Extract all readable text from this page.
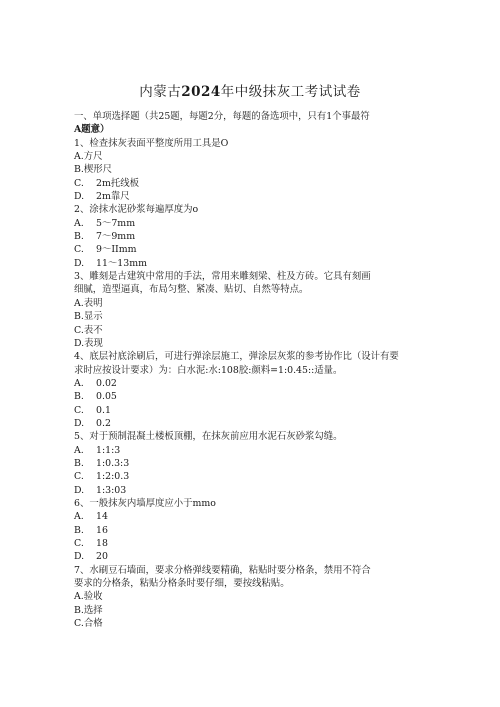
内蒙古2024年中级抹灰工考试试卷
一、单项选择题（共25题，每题2分，每题的备选项中，只有1个事最符
A题意）
1、检查抹灰表面平整度所用工具是O
A.方尺
B.楔形尺
C. 2m托线板
D. 2m靠尺
2、涂抹水泥砂浆每遍厚度为o
A. 5～7mm
B. 7～9mm
C. 9～IImm
D. 11～13mm
3、雕刻是古建筑中常用的手法，常用来雕刻梁、柱及方砖。它具有刻画
细腻，造型逼真，布局匀整、紧凑、贴切、自然等特点。
A.表明
B.显示
C.表不
D.表现
4、底层衬底涂刷后，可进行弹涂层施工，弹涂层灰浆的参考协作比（设计有要
求时应按设计要求）为：白水泥:水:108胶:颜料=1:0.45::适量。
A. 0.02
B. 0.05
C. 0.1
D. 0.2
5、对于预制混凝土楼板顶棚，在抹灰前应用水泥石灰砂浆勾缝。
A. 1:1:3
B. 1:0.3:3
C. 1:2:0.3
D. 1:3:03
6、一般抹灰内墙厚度应小于mmo
A. 14
B. 16
C. 18
D. 20
7、水刷豆石墙面，要求分格弹线要精确，粘贴时要分格条，禁用不符合
要求的分格条，粘贴分格条时要仔细，要按线粘贴。
A.验收
B.选择
C.合格
